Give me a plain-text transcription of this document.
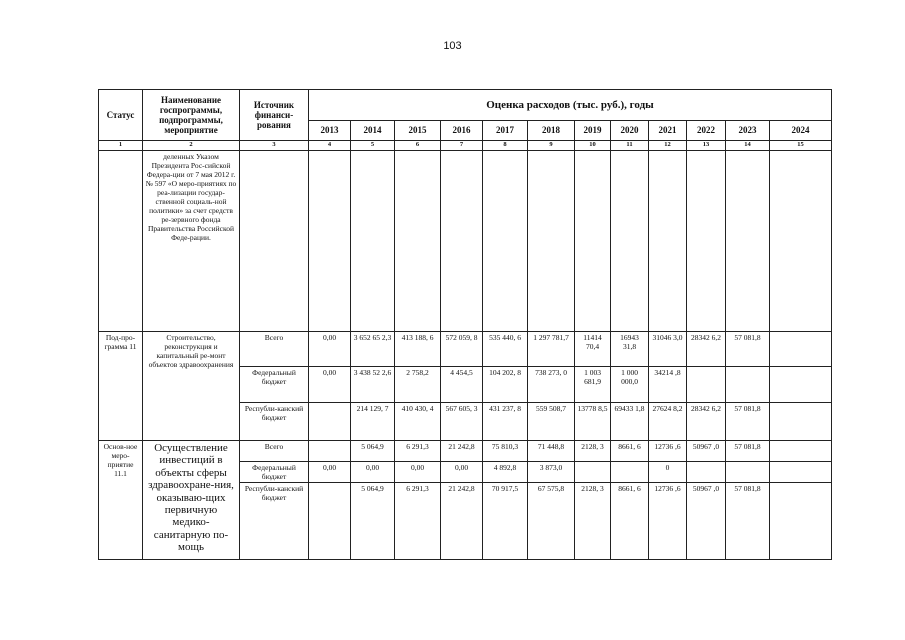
103
Статус	Наименование госпрограммы, подпрограммы, мероприятие	Источник финанси-рования	Оценка расходов (тыс. руб.), годы											
			2013	2014	2015	2016	2017	2018	2019	2020	2021	2022	2023	2024
1	2	3	4	5	6	7	8	9	10	11	12	13	14	15
	деленных Указом Президента Рос-сийской Федера-ции от 7 мая 2012 г. № 597 «О меро-приятиях по реа-лизации государ-ственной социаль-ной политики» за счет средств ре-зервного фонда Правительства Российской Феде-рации.													
Под-про-грамма 11	Строительство, реконструкция и капитальный ре-монт объектов здравоохранения	Всего	0,00	3 652 65 2,3	413 188, 6	572 059, 8	535 440, 6	1 297 781,7	11414 70,4	16943 31,8	31046 3,0	28342 6,2	57 081,8	
		Федеральный бюджет	0,00	3 438 52 2,6	2 758,2	4 454,5	104 202, 8	738 273, 0	1 003 681,9	1 000 000,0	34214 ,8			
		Республи-канский бюджет		214 129, 7	410 430, 4	567 605, 3	431 237, 8	559 508,7	13778 8,5	69433 1,8	27624 8,2	28342 6,2	57 081,8	
Основ-ное меро-приятие 11.1	Осуществление инвестиций в объекты сферы здравоохране-ния, оказываю-щих первичную медико-санитарную по-мощь	Всего		5 064,9	6 291,3	21 242,8	75 810,3	71 448,8	2128, 3	8661, 6	12736 ,6	50967 ,0	57 081,8	
		Федеральный бюджет	0,00	0,00	0,00	0,00	4 892,8	3 873,0			0			
		Республи-канский бюджет		5 064,9	6 291,3	21 242,8	70 917,5	67 575,8	2128, 3	8661, 6	12736 ,6	50967 ,0	57 081,8	
